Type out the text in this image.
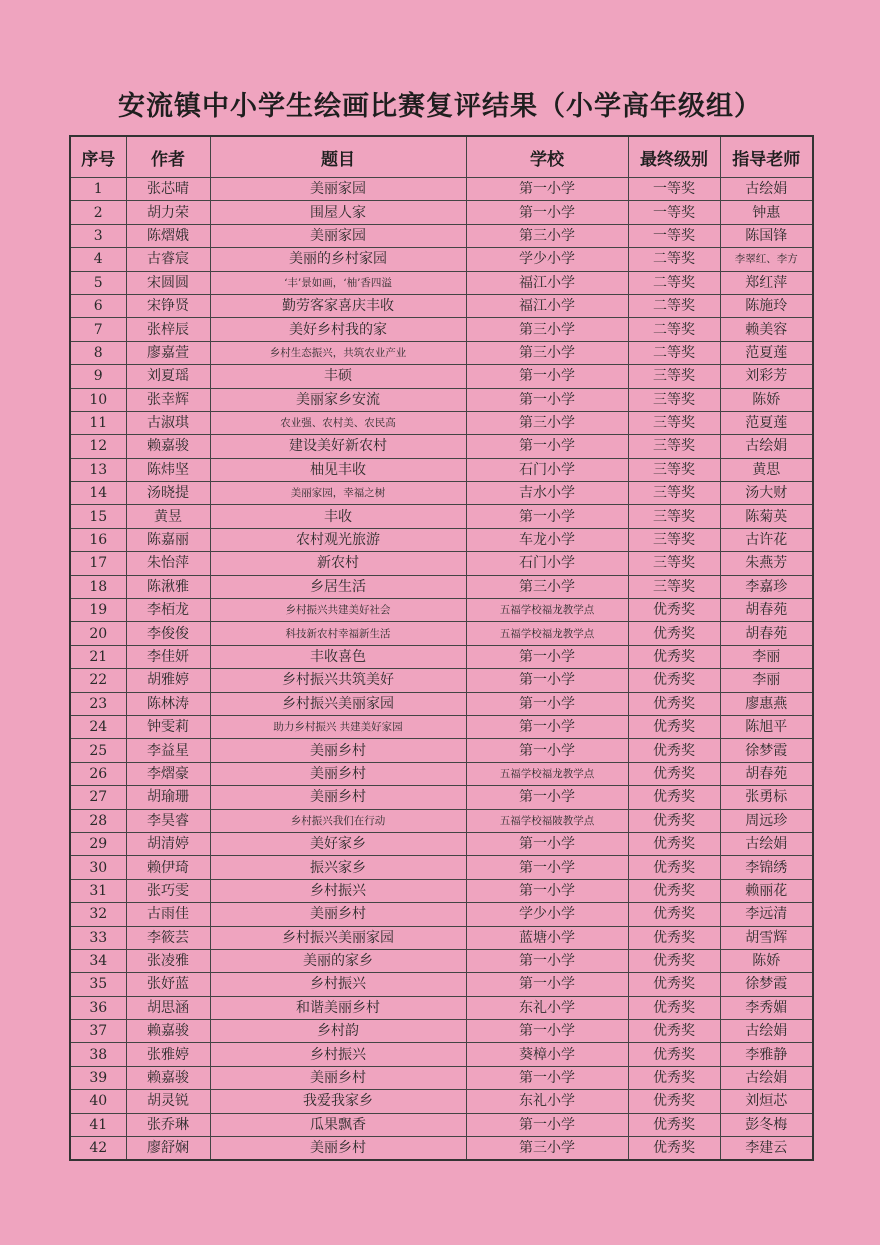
安流镇中小学生绘画比赛复评结果（小学高年级组）
序号	作者	题目	学校	最终级别	指导老师
1	张芯晴	美丽家园	第一小学	一等奖	古绘娟
2	胡力荣	围屋人家	第一小学	一等奖	钟惠
3	陈熠娥	美丽家园	第三小学	一等奖	陈国锋
4	古睿宸	美丽的乡村家园	学少小学	二等奖	李翠红、李方
5	宋圆圆	‘丰’景如画，‘柚’香四溢	福江小学	二等奖	郑红萍
6	宋铮贤	勤劳客家喜庆丰收	福江小学	二等奖	陈施玲
7	张梓辰	美好乡村我的家	第三小学	二等奖	赖美容
8	廖嘉萱	乡村生态振兴，共筑农业产业	第三小学	二等奖	范夏莲
9	刘夏瑶	丰硕	第一小学	三等奖	刘彩芳
10	张幸辉	美丽家乡安流	第一小学	三等奖	陈娇
11	古淑琪	农业强、农村美、农民高	第三小学	三等奖	范夏莲
12	赖嘉骏	建设美好新农村	第一小学	三等奖	古绘娟
13	陈炜坚	柚见丰收	石门小学	三等奖	黄思
14	汤晓提	美丽家园，幸福之树	吉水小学	三等奖	汤大财
15	黄昱	丰收	第一小学	三等奖	陈菊英
16	陈嘉丽	农村观光旅游	车龙小学	三等奖	古许花
17	朱怡萍	新农村	石门小学	三等奖	朱燕芳
18	陈湫雅	乡居生活	第三小学	三等奖	李嘉珍
19	李栢龙	乡村振兴共建美好社会	五福学校福龙教学点	优秀奖	胡春苑
20	李俊俊	科技新农村幸福新生活	五福学校福龙教学点	优秀奖	胡春苑
21	李佳妍	丰收喜色	第一小学	优秀奖	李丽
22	胡雅婷	乡村振兴共筑美好	第一小学	优秀奖	李丽
23	陈林涛	乡村振兴美丽家园	第一小学	优秀奖	廖惠燕
24	钟雯莉	助力乡村振兴 共建美好家园	第一小学	优秀奖	陈旭平
25	李益星	美丽乡村	第一小学	优秀奖	徐梦霞
26	李熠豪	美丽乡村	五福学校福龙教学点	优秀奖	胡春苑
27	胡瑜珊	美丽乡村	第一小学	优秀奖	张勇标
28	李昊睿	乡村振兴我们在行动	五福学校福陂教学点	优秀奖	周远珍
29	胡清婷	美好家乡	第一小学	优秀奖	古绘娟
30	赖伊琦	振兴家乡	第一小学	优秀奖	李锦绣
31	张巧雯	乡村振兴	第一小学	优秀奖	赖丽花
32	古雨佳	美丽乡村	学少小学	优秀奖	李远清
33	李筱芸	乡村振兴美丽家园	蓝塘小学	优秀奖	胡雪辉
34	张凌雅	美丽的家乡	第一小学	优秀奖	陈娇
35	张妤蓝	乡村振兴	第一小学	优秀奖	徐梦霞
36	胡思涵	和谐美丽乡村	东礼小学	优秀奖	李秀媚
37	赖嘉骏	乡村韵	第一小学	优秀奖	古绘娟
38	张雅婷	乡村振兴	葵樟小学	优秀奖	李雅静
39	赖嘉骏	美丽乡村	第一小学	优秀奖	古绘娟
40	胡灵锐	我爱我家乡	东礼小学	优秀奖	刘烜芯
41	张乔琳	瓜果飘香	第一小学	优秀奖	彭冬梅
42	廖舒娴	美丽乡村	第三小学	优秀奖	李建云
